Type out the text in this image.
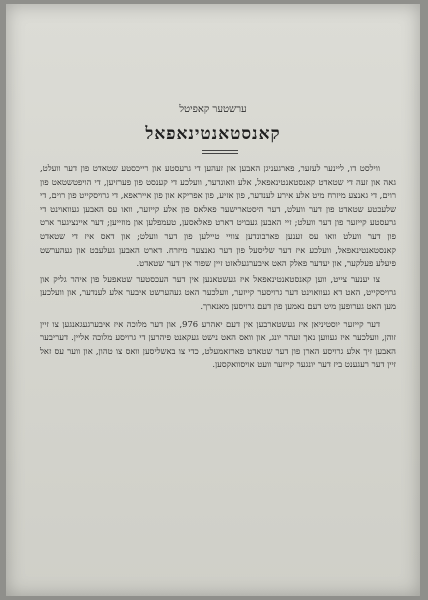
ערשטער קאפיטל
קאנסטאנטינאפאל

ווילסט דו, ליינער לעזער, פארגעניגן האבען און זעהען די גרעסטע און רייכסטע שטאדט פון דער וועלט, גאה און זעה די שטאדט קאנסטאנטינאפאל, אלע וואונדער, וועלכע די קענסט פון פערזיען, די הויפטשטאט פון רוים, די גאנצע מיזרח מיט אלע אירע לענדער, פון אזיע, פון אפריקא און פון אייראפא, די גרויסקייט פון רוים, די שלעכטע שטאדט פון דער וועלט, דער היסטארישער פאלאס פון אלע קייזער, וואו עס האבען געוואוינט די גרעסטע קייזער פון דער וועלט; זיי האבען געבויט דארט פאלאסען, טעמפלען און מוזייען; דער איינציגער ארט פון דער וועלט וואו עס זענען פארבונדען צוויי טיילען פון דער וועלט; און דאס איז די שטאדט קאנסטאנטינאפאל, וועלכע איז דער שליסעל פון דער גאנצער מיזרח. דארט האבען געלעבט און געהערשט פיעלע פעלקער, און יעדער פאלק האט איבערגעלאזט זיין שפור אין דער שטאדט.

צו יענער צייט, ווען קאנסטאנטינאפאל איז געשטאנען אין דער העכסטער שטאפעל פון איהר גליק און גרויסקייט, האט דא געוואוינט דער גרויסער קייזער, וועלכער האט געהערשט איבער אלע לענדער, און וועלכען מען האט גערופען מיט דעם נאמען פון דעם גרויסען מאנארך.

דער קייזער יוסטיניאן איז געשטארבען אין דעם יאהרע 976, און דער מלוכה איז איבערגעגאנגען צו זיין זוהן, וועלכער איז געווען נאך זעהר יונג, און וואס האט נישט געקאנט פיהרען די גרויסע מלוכה אליין. דעריבער האבען זיך אלע גרויסע הארן פון דער שטאדט פארזאמעלט, כדי צו באשליסען וואס צו טהון, און ווער עס זאל זיין דער רעגענט ביז דער יונגער קייזער וועט אויסוואקסען.
